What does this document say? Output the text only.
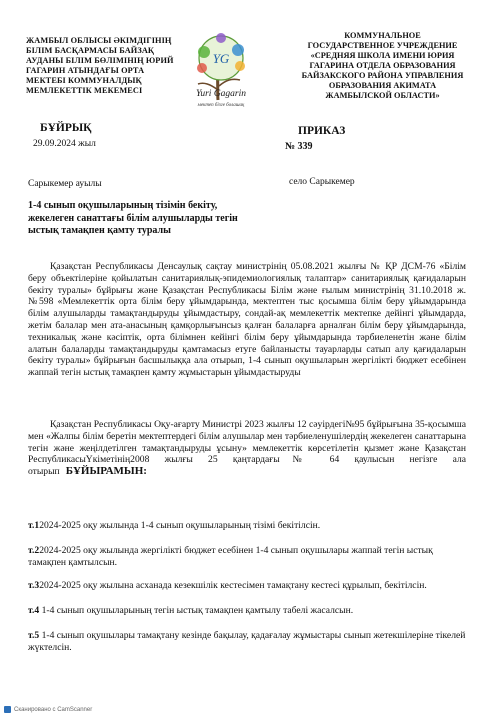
ЖАМБЫЛ ОБЛЫСЫ ӘКІМДІГІНІҢ
БІЛІМ БАСҚАРМАСЫ БАЙЗАҚ
АУДАНЫ БІЛІМ БӨЛІМІНІҢ ЮРИЙ
ГАГАРИН АТЫНДАҒЫ ОРТА
МЕКТЕБІ КОММУНАЛДЫҚ
МЕМЛЕКЕТТІК МЕКЕМЕСІ
YG
Yuri Gagarin
мектеп бізге болашақ
КОММУНАЛЬНОЕ
ГОСУДАРСТВЕННОЕ УЧРЕЖДЕНИЕ
«СРЕДНЯЯ ШКОЛА ИМЕНИ ЮРИЯ
ГАГАРИНА ОТДЕЛА ОБРАЗОВАНИЯ
БАЙЗАКСКОГО РАЙОНА УПРАВЛЕНИЯ
ОБРАЗОВАНИЯ АКИМАТА
ЖАМБЫЛСКОЙ ОБЛАСТИ»
БҰЙРЫҚ
29.09.2024 жыл
ПРИКАЗ
№ 339
Сарыкемер ауылы	село Сарыкемер
1-4 сынып оқушыларының тізімін бекіту, жекелеген санаттағы білім алушыларды тегін ыстық тамақпен қамту туралы
Қазақстан Республикасы Денсаулық сақтау министрінің 05.08.2021 жылғы № ҚР ДСМ-76 «Білім беру объектілеріне қойылатын санитариялық-эпидемиологиялық талаптар» санитариялық қағидаларын бекіту туралы» бұйрығы және Қазақстан Республикасы Білім және ғылым министрінің 31.10.2018 ж. №598 «Мемлекеттік орта білім беру ұйымдарында, мектептен тыс қосымша білім беру ұйымдарында білім алушыларды тамақтандыруды ұйымдастыру, сондай-ақ мемлекеттік мектепке дейінгі ұйымдарда, жетім балалар мен ата-анасының қамқорлығынсыз қалған балаларға арналған білім беру ұйымдарында, техникалық және кәсіптік, орта білімнен кейінгі білім беру ұйымдарында тәрбиеленетін және білім алатын балаларды тамақтандыруды қамтамасыз етуге байланысты тауарларды сатып алу қағидаларын бекіту туралы» бұйрығын басшылыққа ала отырып, 1-4 сынып оқушыларын жергілікті бюджет есебінен жаппай тегін ыстық тамақпен қамту жұмыстарын ұйымдастыруды
Қазақстан Республикасы Оқу-ағарту Министрі 2023 жылғы 12 сәуірдегі№95 бұйрығына 35-қосымша мен «Жалпы білім беретін мектептердегі білім алушылар мен тәрбиеленушілердің жекелеген санаттарына тегін және жеңілдетілген тамақтандыруды ұсыну» мемлекеттік көрсетілетін қызмет және Қазақстан РеспубликасыҮкіметінің2008 жылғы 25 қаңтардағы№ 64 қаулысын негізге ала отырып БҰЙЫРАМЫН:
т.12024-2025 оқу жылында 1-4 сынып оқушыларының тізімі бекітілсін.
т.22024-2025 оқу жылында жергілікті бюджет есебінен 1-4 сынып оқушылары жаппай тегін ыстық тамақпен қамтылсын.
т.32024-2025 оқу жылына асханада кезекшілік кестесімен тамақтану кестесі құрылып, бекітілсін.
т.4 1-4 сынып оқушыларының тегін ыстық тамақпен қамтылу табелі жасалсын.
т.5 1-4 сынып оқушылары тамақтану кезінде бақылау, қадағалау жұмыстары сынып жетекшілеріне тікелей жүктелсін.
Сканировано с CamScanner
